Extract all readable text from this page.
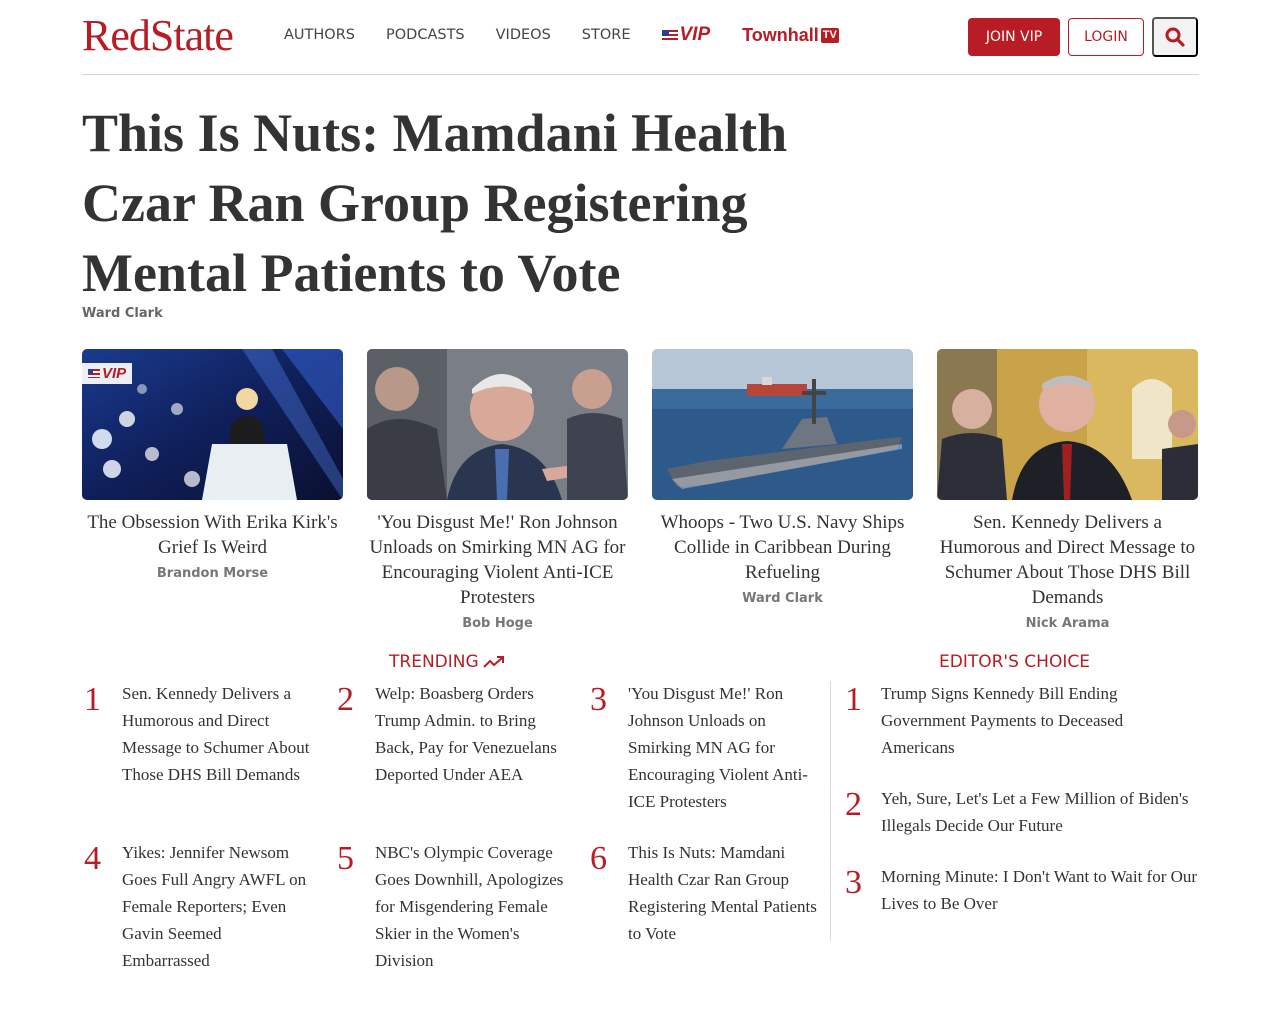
RedState	AUTHORS PODCASTS VIDEOS STORE	VIP Townhall TV	JOIN VIP	LOGIN
This Is Nuts: Mamdani Health Czar Ran Group Registering Mental Patients to Vote
Ward Clark
VIP
The Obsession With Erika Kirk's Grief Is Weird
Brandon Morse
'You Disgust Me!' Ron Johnson Unloads on Smirking MN AG for Encouraging Violent Anti-ICE Protesters
Bob Hoge
Whoops - Two U.S. Navy Ships Collide in Caribbean During Refueling
Ward Clark
Sen. Kennedy Delivers a Humorous and Direct Message to Schumer About Those DHS Bill Demands
Nick Arama
TRENDING
1 Sen. Kennedy Delivers a Humorous and Direct Message to Schumer About Those DHS Bill Demands
2 Welp: Boasberg Orders Trump Admin. to Bring Back, Pay for Venezuelans Deported Under AEA
3 'You Disgust Me!' Ron Johnson Unloads on Smirking MN AG for Encouraging Violent Anti-ICE Protesters
4 Yikes: Jennifer Newsom Goes Full Angry AWFL on Female Reporters; Even Gavin Seemed Embarrassed
5 NBC's Olympic Coverage Goes Downhill, Apologizes for Misgendering Female Skier in the Women's Division
6 This Is Nuts: Mamdani Health Czar Ran Group Registering Mental Patients to Vote
EDITOR'S CHOICE
1 Trump Signs Kennedy Bill Ending Government Payments to Deceased Americans
2 Yeh, Sure, Let's Let a Few Million of Biden's Illegals Decide Our Future
3 Morning Minute: I Don't Want to Wait for Our Lives to Be Over
